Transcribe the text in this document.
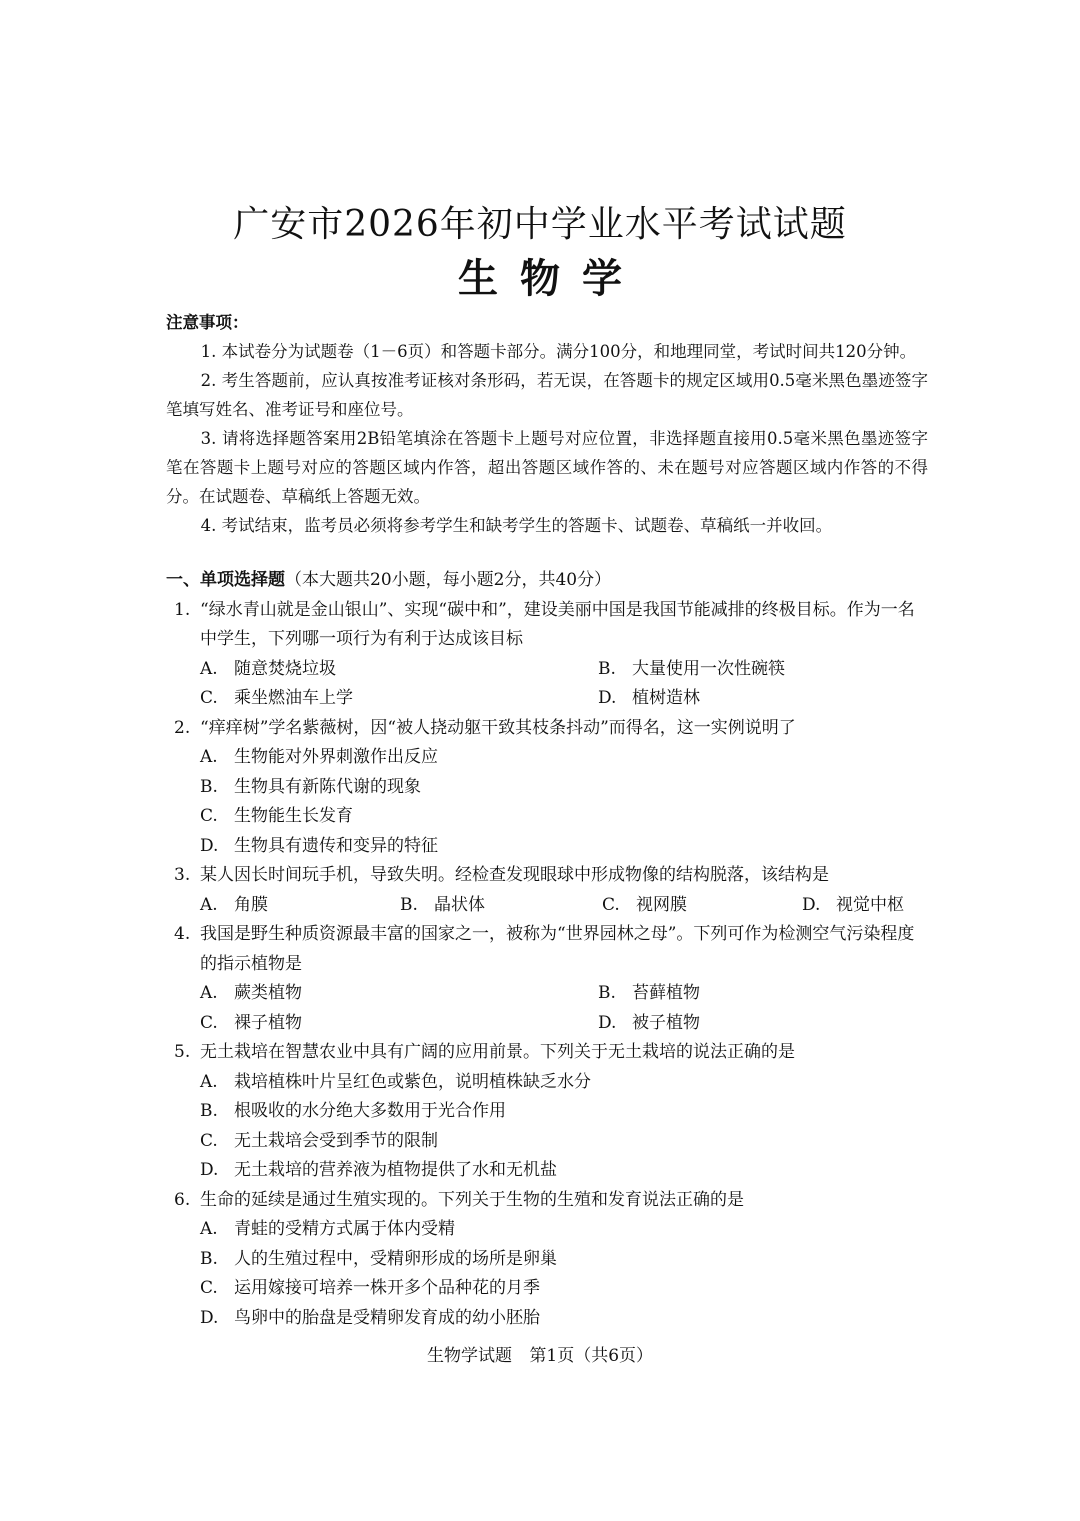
广安市2026年初中学业水平考试试题
生物学
注意事项：

1. 本试卷分为试题卷（1－6页）和答题卡部分。满分100分，和地理同堂，考试时间共120分钟。

2. 考生答题前，应认真按准考证核对条形码，若无误，在答题卡的规定区域用0.5毫米黑色墨迹签字笔填写姓名、准考证号和座位号。

3. 请将选择题答案用2B铅笔填涂在答题卡上题号对应位置，非选择题直接用0.5毫米黑色墨迹签字笔在答题卡上题号对应的答题区域内作答，超出答题区域作答的、未在题号对应答题区域内作答的不得分。在试题卷、草稿纸上答题无效。

4. 考试结束，监考员必须将参考学生和缺考学生的答题卡、试题卷、草稿纸一并收回。

一、单项选择题（本大题共20小题，每小题2分，共40分）
1. “绿水青山就是金山银山”、实现“碳中和”，建设美丽中国是我国节能减排的终极目标。作为一名中学生，下列哪一项行为有利于达成该目标
A. 随意焚烧垃圾	B. 大量使用一次性碗筷
C. 乘坐燃油车上学	D. 植树造林
2. “痒痒树”学名紫薇树，因“被人挠动躯干致其枝条抖动”而得名，这一实例说明了
A. 生物能对外界刺激作出反应
B. 生物具有新陈代谢的现象
C. 生物能生长发育
D. 生物具有遗传和变异的特征
3. 某人因长时间玩手机，导致失明。经检查发现眼球中形成物像的结构脱落，该结构是
A. 角膜	B. 晶状体	C. 视网膜	D. 视觉中枢
4. 我国是野生种质资源最丰富的国家之一，被称为“世界园林之母”。下列可作为检测空气污染程度的指示植物是
A. 蕨类植物	B. 苔藓植物
C. 裸子植物	D. 被子植物
5. 无土栽培在智慧农业中具有广阔的应用前景。下列关于无土栽培的说法正确的是
A. 栽培植株叶片呈红色或紫色，说明植株缺乏水分
B. 根吸收的水分绝大多数用于光合作用
C. 无土栽培会受到季节的限制
D. 无土栽培的营养液为植物提供了水和无机盐
6. 生命的延续是通过生殖实现的。下列关于生物的生殖和发育说法正确的是
A. 青蛙的受精方式属于体内受精
B. 人的生殖过程中，受精卵形成的场所是卵巢
C. 运用嫁接可培养一株开多个品种花的月季
D. 鸟卵中的胎盘是受精卵发育成的幼小胚胎
生物学试题 第1页（共6页）
